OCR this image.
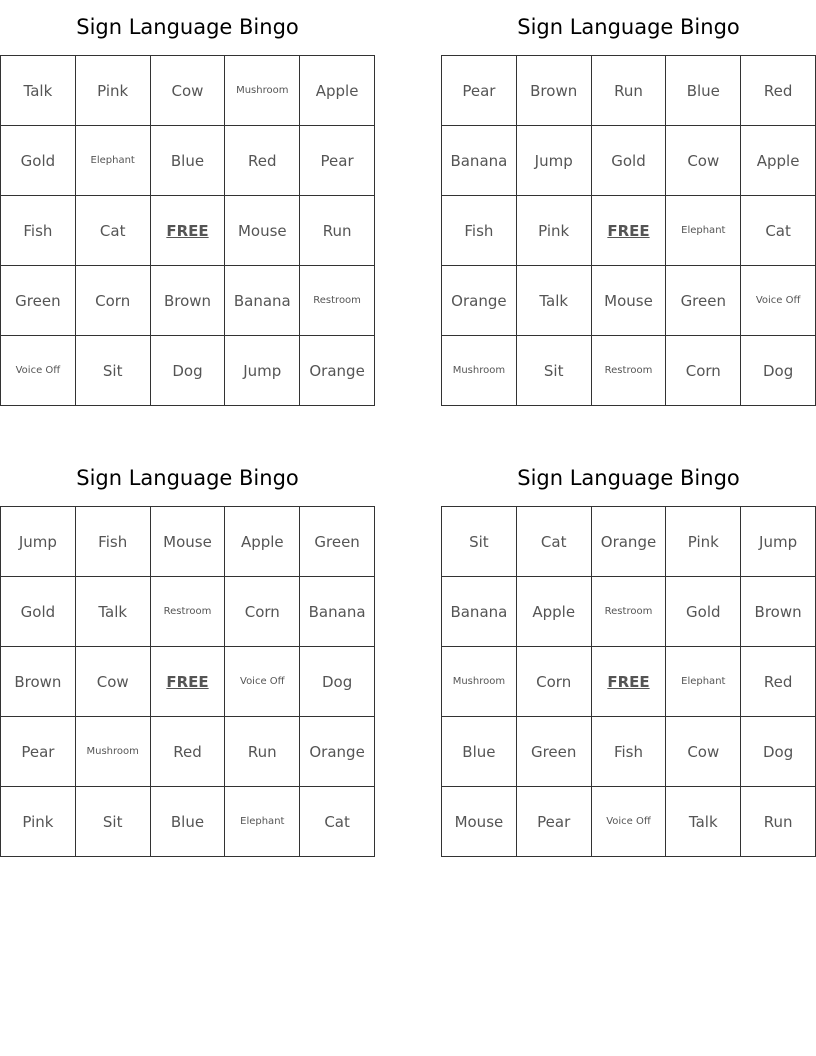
Sign Language Bingo
Talk	Pink	Cow	Mushroom	Apple
Gold	Elephant	Blue	Red	Pear
Fish	Cat	FREE	Mouse	Run
Green	Corn	Brown	Banana	Restroom
Voice Off	Sit	Dog	Jump	Orange
Sign Language Bingo
Pear	Brown	Run	Blue	Red
Banana	Jump	Gold	Cow	Apple
Fish	Pink	FREE	Elephant	Cat
Orange	Talk	Mouse	Green	Voice Off
Mushroom	Sit	Restroom	Corn	Dog
Sign Language Bingo
Jump	Fish	Mouse	Apple	Green
Gold	Talk	Restroom	Corn	Banana
Brown	Cow	FREE	Voice Off	Dog
Pear	Mushroom	Red	Run	Orange
Pink	Sit	Blue	Elephant	Cat
Sign Language Bingo
Sit	Cat	Orange	Pink	Jump
Banana	Apple	Restroom	Gold	Brown
Mushroom	Corn	FREE	Elephant	Red
Blue	Green	Fish	Cow	Dog
Mouse	Pear	Voice Off	Talk	Run
